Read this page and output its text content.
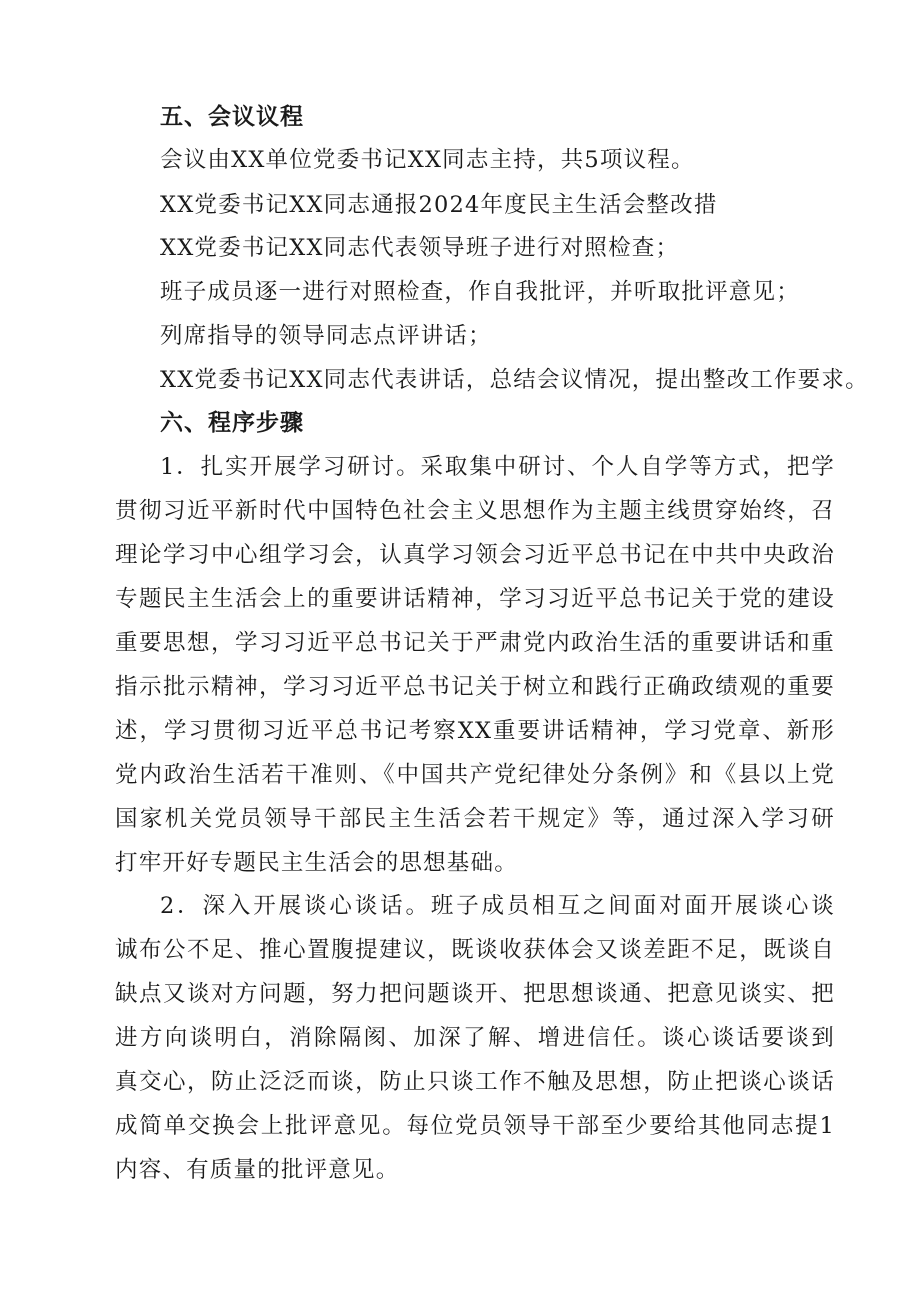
五、会议议程
会议由XX单位党委书记XX同志主持，共5项议程。
XX党委书记XX同志通报2024年度民主生活会整改措
XX党委书记XX同志代表领导班子进行对照检查；
班子成员逐一进行对照检查，作自我批评，并听取批评意见；
列席指导的领导同志点评讲话；
XX党委书记XX同志代表讲话，总结会议情况，提出整改工作要求。
六、程序步骤
1．扎实开展学习研讨。采取集中研讨、个人自学等方式，把学
贯彻习近平新时代中国特色社会主义思想作为主题主线贯穿始终，召
理论学习中心组学习会，认真学习领会习近平总书记在中共中央政治
专题民主生活会上的重要讲话精神，学习习近平总书记关于党的建设
重要思想，学习习近平总书记关于严肃党内政治生活的重要讲话和重
指示批示精神，学习习近平总书记关于树立和践行正确政绩观的重要
述，学习贯彻习近平总书记考察XX重要讲话精神，学习党章、新形
党内政治生活若干准则、《中国共产党纪律处分条例》和《县以上党
国家机关党员领导干部民主生活会若干规定》等，通过深入学习研
打牢开好专题民主生活会的思想基础。
2．深入开展谈心谈话。班子成员相互之间面对面开展谈心谈
诚布公不足、推心置腹提建议，既谈收获体会又谈差距不足，既谈自
缺点又谈对方问题，努力把问题谈开、把思想谈通、把意见谈实、把
进方向谈明白，消除隔阂、加深了解、增进信任。谈心谈话要谈到
真交心，防止泛泛而谈，防止只谈工作不触及思想，防止把谈心谈话
成简单交换会上批评意见。每位党员领导干部至少要给其他同志提1
内容、有质量的批评意见。
